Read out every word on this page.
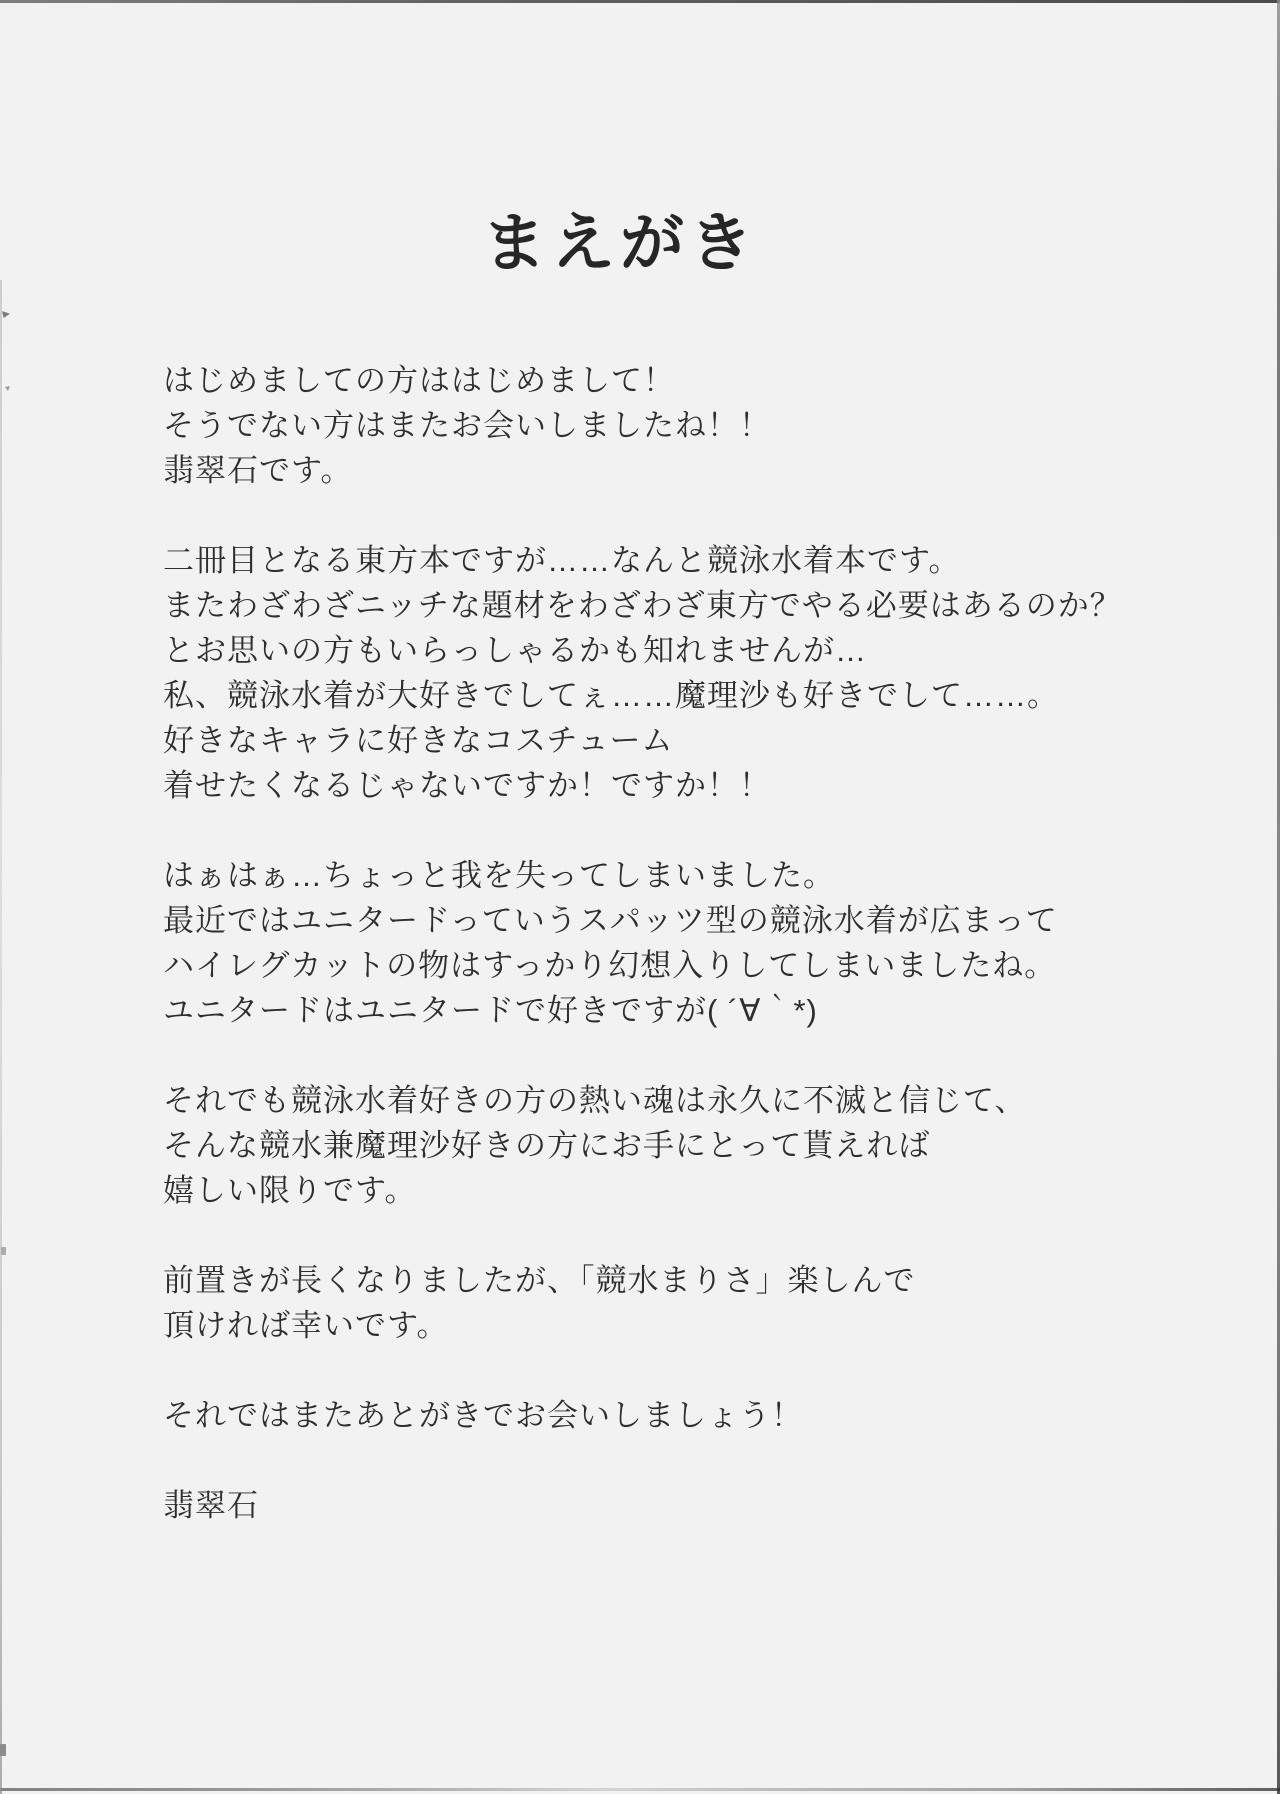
まえがき
はじめましての方ははじめまして！
そうでない方はまたお会いしましたね！！
翡翠石です。
二冊目となる東方本ですが……なんと競泳水着本です。
またわざわざニッチな題材をわざわざ東方でやる必要はあるのか？
とお思いの方もいらっしゃるかも知れませんが…
私、競泳水着が大好きでしてぇ……魔理沙も好きでして……。
好きなキャラに好きなコスチューム
着せたくなるじゃないですか！ですか！！
はぁはぁ…ちょっと我を失ってしまいました。
最近ではユニタードっていうスパッツ型の競泳水着が広まって
ハイレグカットの物はすっかり幻想入りしてしまいましたね。
ユニタードはユニタードで好きですが( ´∀｀*)
それでも競泳水着好きの方の熱い魂は永久に不滅と信じて、
そんな競水兼魔理沙好きの方にお手にとって貰えれば
嬉しい限りです。
前置きが長くなりましたが、「競水まりさ」楽しんで
頂ければ幸いです。
それではまたあとがきでお会いしましょう！
翡翠石
